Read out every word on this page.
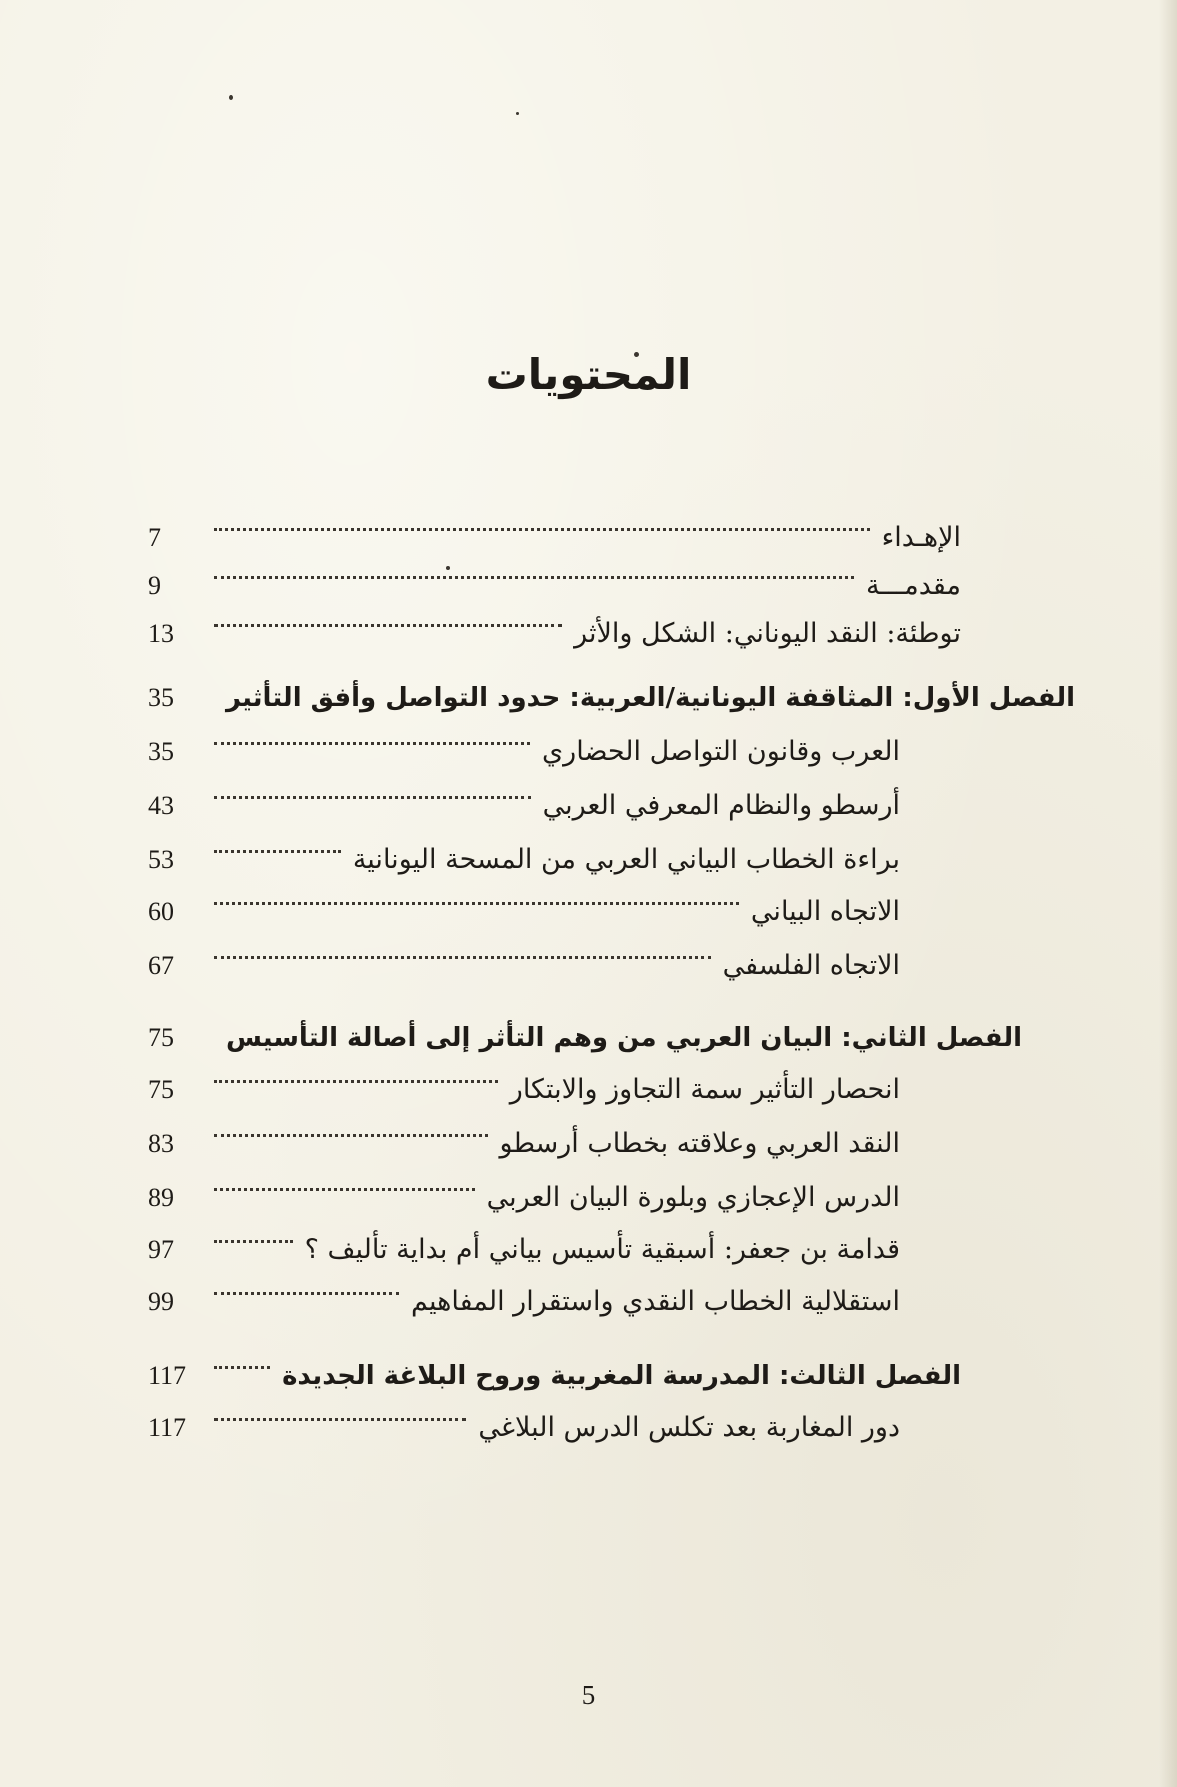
المحتويات
7	الإهـداء
9	مقدمـــة
13	توطئة: النقد اليوناني: الشكل والأثر
35	الفصل الأول: المثاقفة اليونانية/العربية: حدود التواصل وأفق التأثير
35	العرب وقانون التواصل الحضاري
43	أرسطو والنظام المعرفي العربي
53	براءة الخطاب البياني العربي من المسحة اليونانية
60	الاتجاه البياني
67	الاتجاه الفلسفي
75	الفصل الثاني: البيان العربي من وهم التأثر إلى أصالة التأسيس
75	انحصار التأثير سمة التجاوز والابتكار
83	النقد العربي وعلاقته بخطاب أرسطو
89	الدرس الإعجازي وبلورة البيان العربي
97	قدامة بن جعفر: أسبقية تأسيس بياني أم بداية تأليف ؟
99	استقلالية الخطاب النقدي واستقرار المفاهيم
117	الفصل الثالث: المدرسة المغربية وروح البلاغة الجديدة
117	دور المغاربة بعد تكلس الدرس البلاغي
5
